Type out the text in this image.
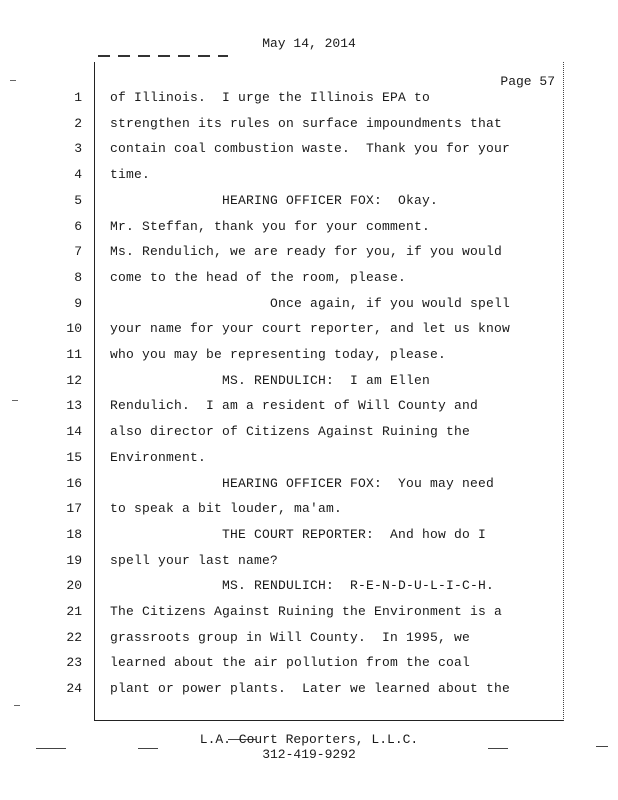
May 14, 2014
Page 57
1
2
3
4
5
6
7
8
9
10
11
12
13
14
15
16
17
18
19
20
21
22
23
24
of Illinois.  I urge the Illinois EPA to
strengthen its rules on surface impoundments that
contain coal combustion waste.  Thank you for your
time.
HEARING OFFICER FOX:  Okay.
Mr. Steffan, thank you for your comment.
Ms. Rendulich, we are ready for you, if you would
come to the head of the room, please.
Once again, if you would spell
your name for your court reporter, and let us know
who you may be representing today, please.
MS. RENDULICH:  I am Ellen
Rendulich.  I am a resident of Will County and
also director of Citizens Against Ruining the
Environment.
HEARING OFFICER FOX:  You may need
to speak a bit louder, ma'am.
THE COURT REPORTER:  And how do I
spell your last name?
MS. RENDULICH:  R-E-N-D-U-L-I-C-H.
The Citizens Against Ruining the Environment is a
grassroots group in Will County.  In 1995, we
learned about the air pollution from the coal
plant or power plants.  Later we learned about the
L.A. Court Reporters, L.L.C.
312-419-9292
